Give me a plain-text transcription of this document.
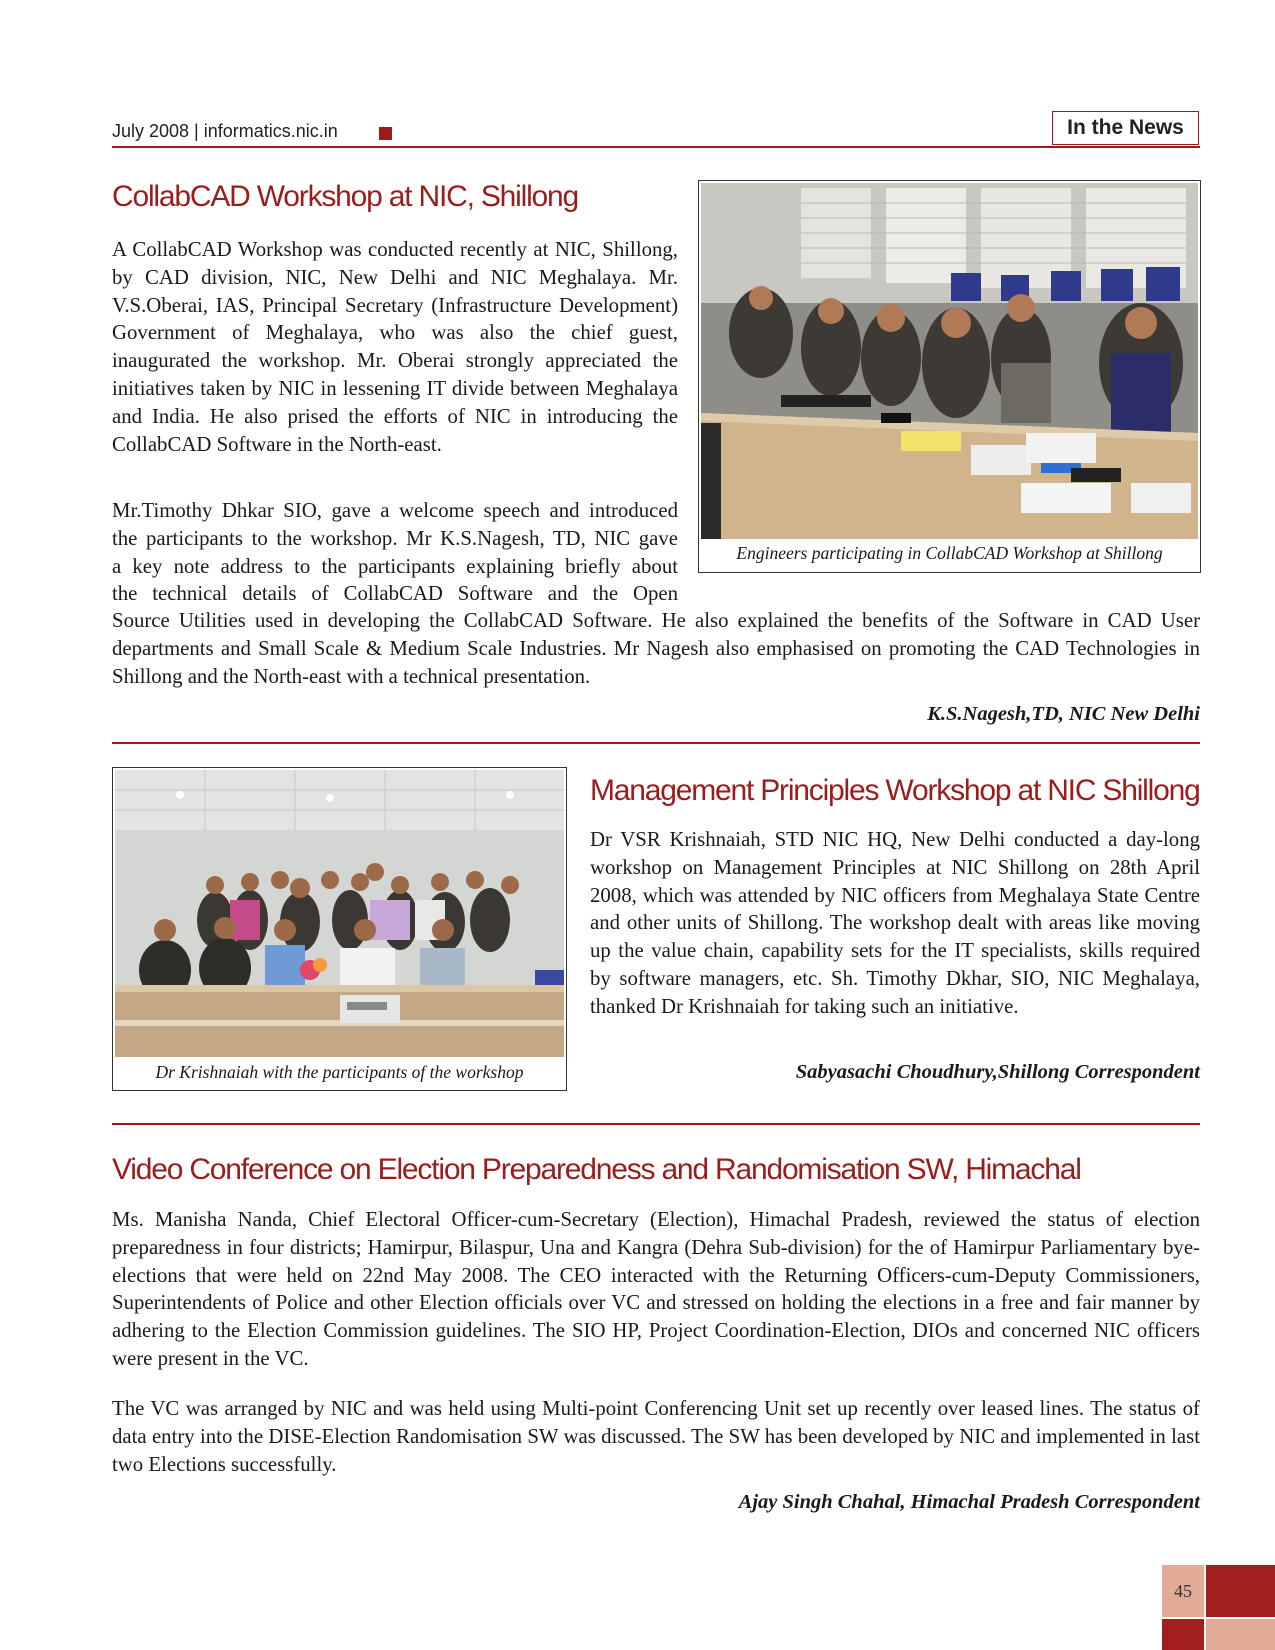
July 2008 | informatics.nic.in	In the News
CollabCAD Workshop at NIC, Shillong

A CollabCAD Workshop was conducted recently at NIC, Shillong, by CAD division, NIC, New Delhi and NIC Meghalaya. Mr. V.S.Oberai, IAS, Principal Secretary (Infrastructure Development) Government of Meghalaya, who was also the chief guest, inaugurated the workshop. Mr. Oberai strongly appreciated the initiatives taken by NIC in lessening IT divide between Meghalaya and India. He also prised the efforts of NIC in introducing the CollabCAD Software in the North-east.

Mr.Timothy Dhkar SIO, gave a welcome speech and introduced
the participants to the workshop. Mr K.S.Nagesh, TD, NIC gave
a key note address to the participants explaining briefly about
the technical details of CollabCAD Software and the Open

Source Utilities used in developing the CollabCAD Software. He also explained the benefits of the Software in CAD User departments and Small Scale & Medium Scale Industries. Mr Nagesh also emphasised on promoting the CAD Technologies in Shillong and the North-east with a technical presentation.

K.S.Nagesh,TD, NIC New Delhi
Engineers participating in CollabCAD Workshop at Shillong
Dr Krishnaiah with the participants of the workshop
Management Principles Workshop at NIC Shillong

Dr VSR Krishnaiah, STD NIC HQ, New Delhi conducted a day-long workshop on Management Principles at NIC Shillong on 28th April 2008, which was attended by NIC officers from Meghalaya State Centre and other units of Shillong. The workshop dealt with areas like moving up the value chain, capability sets for the IT specialists, skills required by software managers, etc. Sh. Timothy Dkhar, SIO, NIC Meghalaya, thanked Dr Krishnaiah for taking such an initiative.

Sabyasachi Choudhury,Shillong Correspondent
Video Conference on Election Preparedness and Randomisation SW, Himachal

Ms. Manisha Nanda, Chief Electoral Officer-cum-Secretary (Election), Himachal Pradesh, reviewed the status of election preparedness in four districts; Hamirpur, Bilaspur, Una and Kangra (Dehra Sub-division) for the of Hamirpur Parliamentary bye-elections that were held on 22nd May 2008. The CEO interacted with the Returning Officers-cum-Deputy Commissioners, Superintendents of Police and other Election officials over VC and stressed on holding the elections in a free and fair manner by adhering to the Election Commission guidelines. The SIO HP, Project Coordination-Election, DIOs and concerned NIC officers were present in the VC.

The VC was arranged by NIC and was held using Multi-point Conferencing Unit set up recently over leased lines. The status of data entry into the DISE-Election Randomisation SW was discussed. The SW has been developed by NIC and implemented in last two Elections successfully.

Ajay Singh Chahal, Himachal Pradesh Correspondent
45
